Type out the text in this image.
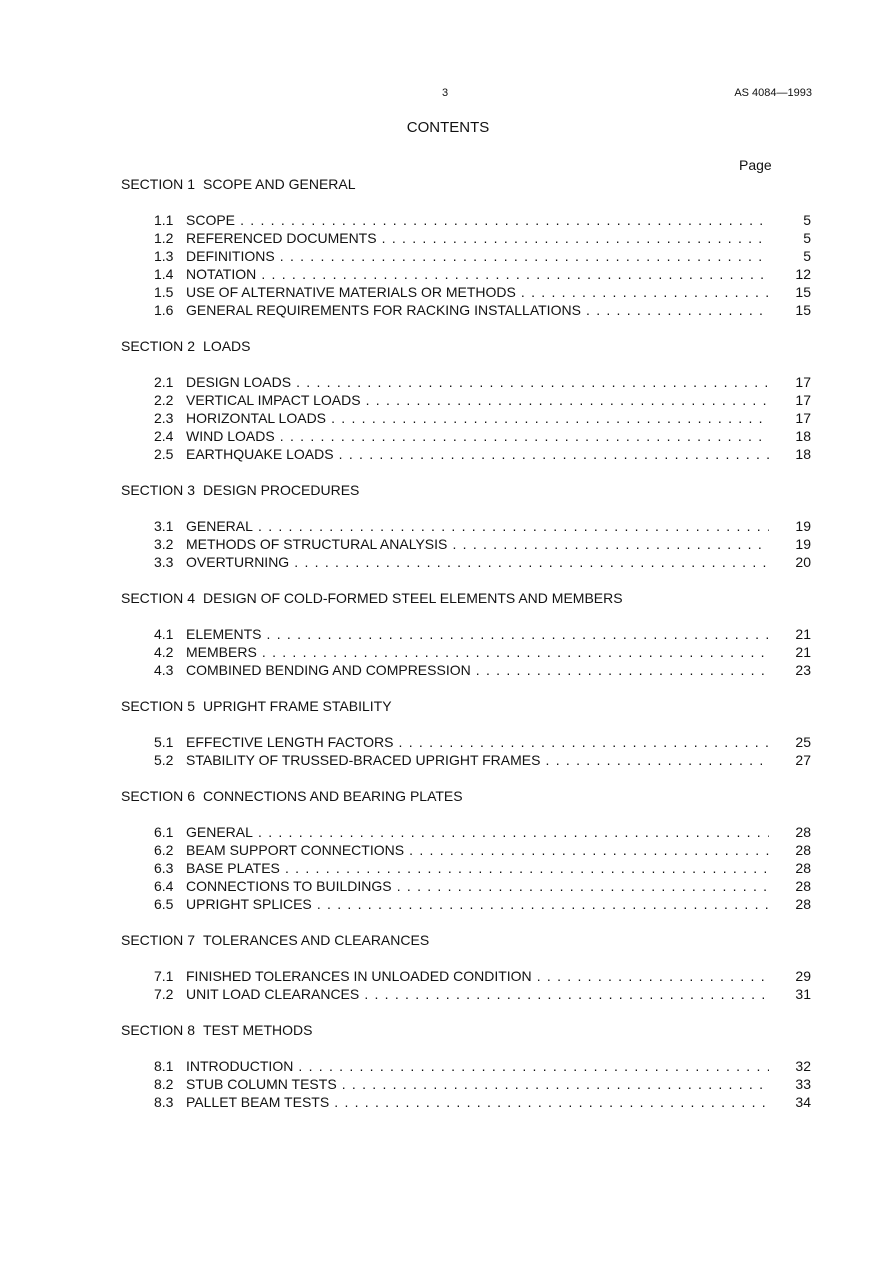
3	AS 4084—1993
CONTENTS
Page
SECTION 1 SCOPE AND GENERAL
1.1 SCOPE . . .	5
1.2 REFERENCED DOCUMENTS . . .	5
1.3 DEFINITIONS . . .	5
1.4 NOTATION . . .	12
1.5 USE OF ALTERNATIVE MATERIALS OR METHODS . . .	15
1.6 GENERAL REQUIREMENTS FOR RACKING INSTALLATIONS . . .	15
SECTION 2 LOADS
2.1 DESIGN LOADS . . .	17
2.2 VERTICAL IMPACT LOADS . . .	17
2.3 HORIZONTAL LOADS . . .	17
2.4 WIND LOADS . . .	18
2.5 EARTHQUAKE LOADS . . .	18
SECTION 3 DESIGN PROCEDURES
3.1 GENERAL . . .	19
3.2 METHODS OF STRUCTURAL ANALYSIS . . .	19
3.3 OVERTURNING . . .	20
SECTION 4 DESIGN OF COLD-FORMED STEEL ELEMENTS AND MEMBERS
4.1 ELEMENTS . . .	21
4.2 MEMBERS . . .	21
4.3 COMBINED BENDING AND COMPRESSION . . .	23
SECTION 5 UPRIGHT FRAME STABILITY
5.1 EFFECTIVE LENGTH FACTORS . . .	25
5.2 STABILITY OF TRUSSED-BRACED UPRIGHT FRAMES . . .	27
SECTION 6 CONNECTIONS AND BEARING PLATES
6.1 GENERAL . . .	28
6.2 BEAM SUPPORT CONNECTIONS . . .	28
6.3 BASE PLATES . . .	28
6.4 CONNECTIONS TO BUILDINGS . . .	28
6.5 UPRIGHT SPLICES . . .	28
SECTION 7 TOLERANCES AND CLEARANCES
7.1 FINISHED TOLERANCES IN UNLOADED CONDITION . . .	29
7.2 UNIT LOAD CLEARANCES . . .	31
SECTION 8 TEST METHODS
8.1 INTRODUCTION . . .	32
8.2 STUB COLUMN TESTS . . .	33
8.3 PALLET BEAM TESTS . . .	34
